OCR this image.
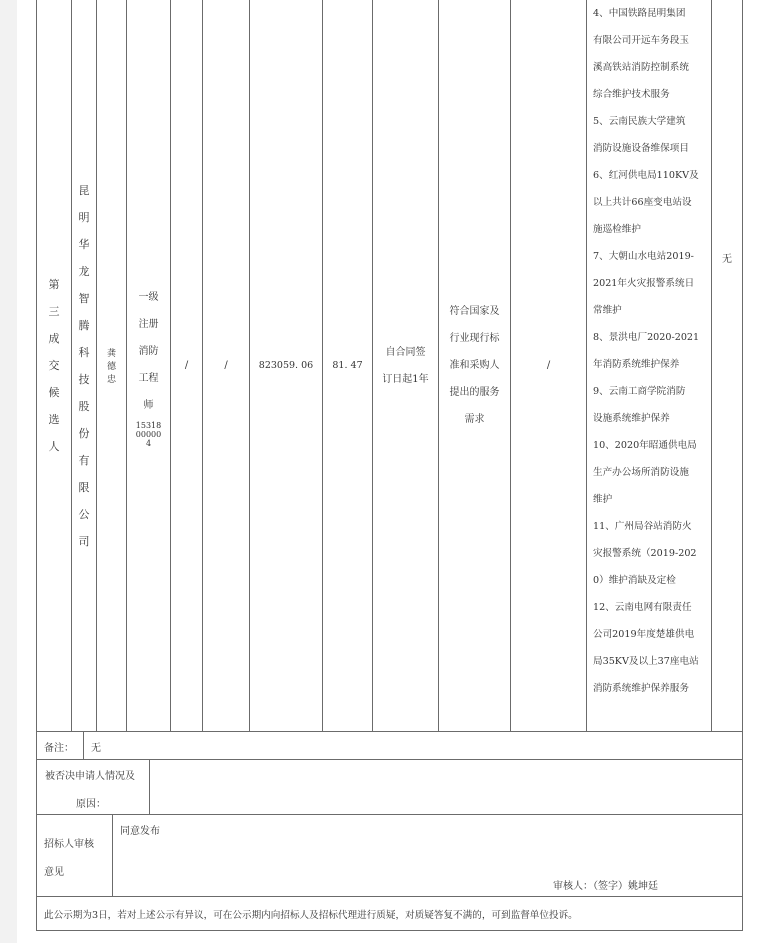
第
三
成
交
候
选
人
昆
明
华
龙
智
腾
科
技
股
份
有
限
公
司
龚
德
忠
一级
注册
消防
工程
师
15318
00000
4
/	/	823059. 06 81. 47
自合同签
订日起1年
符合国家及
行业现行标
准和采购人
提出的服务
需求
/
4、中国铁路昆明集团
有限公司开远车务段玉
溪高铁站消防控制系统
综合维护技术服务
5、云南民族大学建筑
消防设施设备维保项目
6、红河供电局110KV及
以上共计66座变电站设
施巡检维护
7、大朝山水电站2019-
2021年火灾报警系统日
常维护
8、景洪电厂2020-2021
年消防系统维护保养
9、云南工商学院消防
设施系统维护保养
10、2020年昭通供电局
生产办公场所消防设施
维护
11、广州局谷站消防火
灾报警系统（2019-202
0）维护消缺及定检
12、云南电网有限责任
公司2019年度楚雄供电
局35KV及以上37座电站
消防系统维护保养服务
无
备注： 无
被否决申请人情况及
原因：
招标人审核
意见
同意发布
审核人：（签字）姚坤廷
此公示期为3日，若对上述公示有异议，可在公示期内向招标人及招标代理进行质疑，对质疑答复不满的，可到监督单位投诉。
